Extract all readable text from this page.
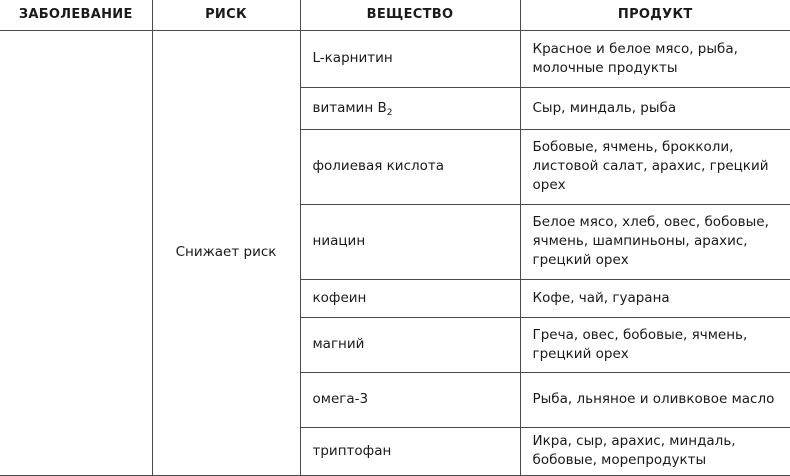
ЗАБОЛЕВАНИЕ	РИСК	ВЕЩЕСТВО	ПРОДУКТ
	Снижает риск	L-карнитин	Красное и белое мясо, рыба, молочные продукты
		витамин $B_2$	Сыр, миндаль, рыба
		фолиевая кислота	Бобовые, ячмень, брокколи, листовой салат, арахис, грецкий орех
		ниацин	Белое мясо, хлеб, овес, бобовые, ячмень, шампиньоны, арахис, грецкий орех
		кофеин	Кофе, чай, гуарана
		магний	Греча, овес, бобовые, ячмень, грецкий орех
		омега-3	Рыба, льняное и оливковое масло
		триптофан	Икра, сыр, арахис, миндаль, бобовые, морепродукты
